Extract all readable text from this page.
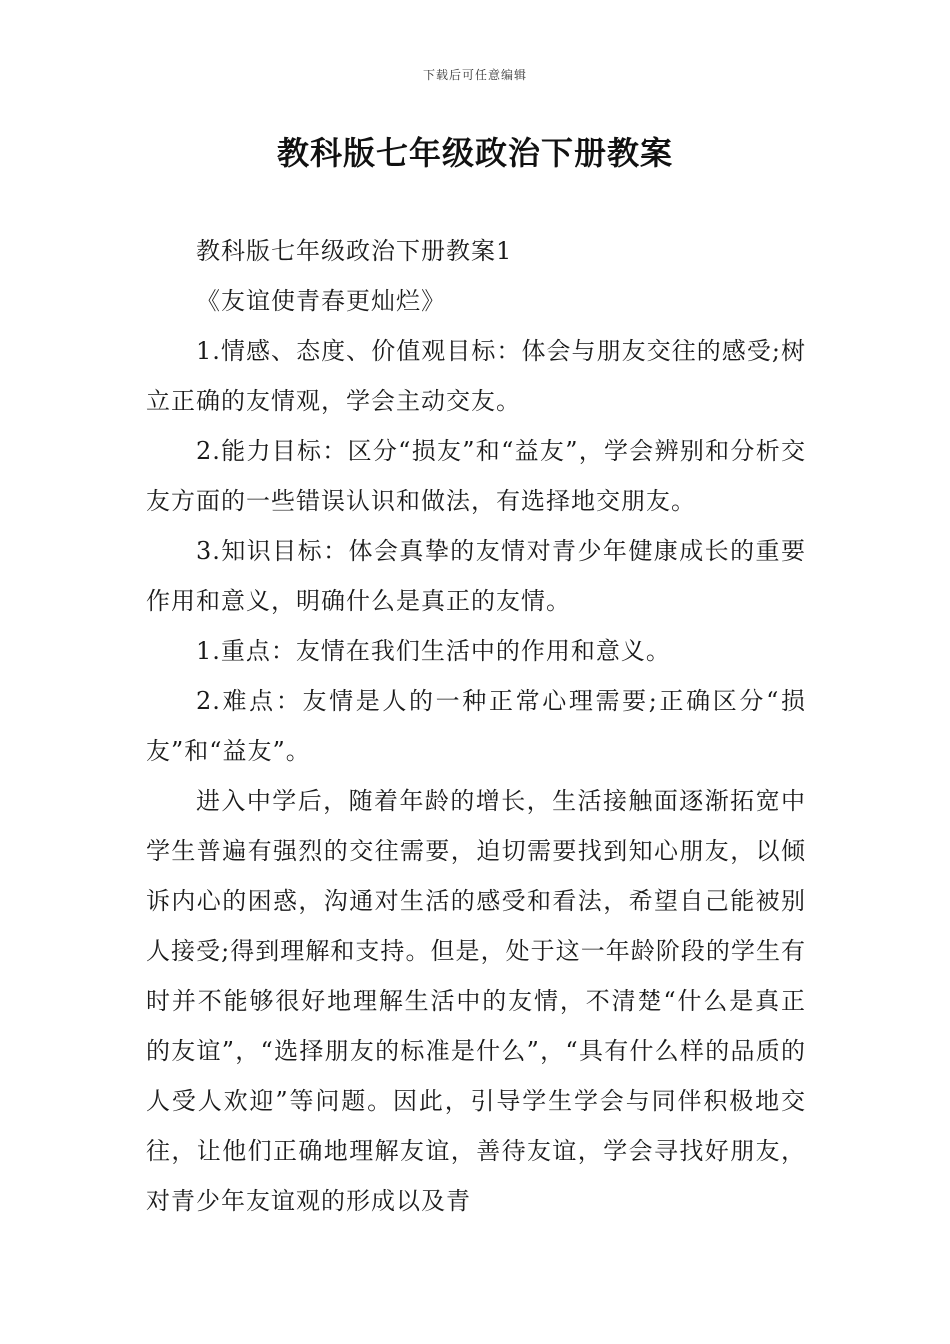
下载后可任意编辑
教科版七年级政治下册教案

教科版七年级政治下册教案1

《友谊使青春更灿烂》

1.情感、态度、价值观目标：体会与朋友交往的感受;树立正确的友情观，学会主动交友。

2.能力目标：区分“损友”和“益友”，学会辨别和分析交友方面的一些错误认识和做法，有选择地交朋友。

3.知识目标：体会真挚的友情对青少年健康成长的重要作用和意义，明确什么是真正的友情。

1.重点：友情在我们生活中的作用和意义。

2.难点：友情是人的一种正常心理需要;正确区分“损友”和“益友”。

进入中学后，随着年龄的增长，生活接触面逐渐拓宽中学生普遍有强烈的交往需要，迫切需要找到知心朋友，以倾诉内心的困惑，沟通对生活的感受和看法，希望自己能被别人接受;得到理解和支持。但是，处于这一年龄阶段的学生有时并不能够很好地理解生活中的友情，不清楚“什么是真正的友谊”，“选择朋友的标准是什么”，“具有什么样的品质的人受人欢迎”等问题。因此，引导学生学会与同伴积极地交往，让他们正确地理解友谊，善待友谊，学会寻找好朋友，对青少年友谊观的形成以及青
